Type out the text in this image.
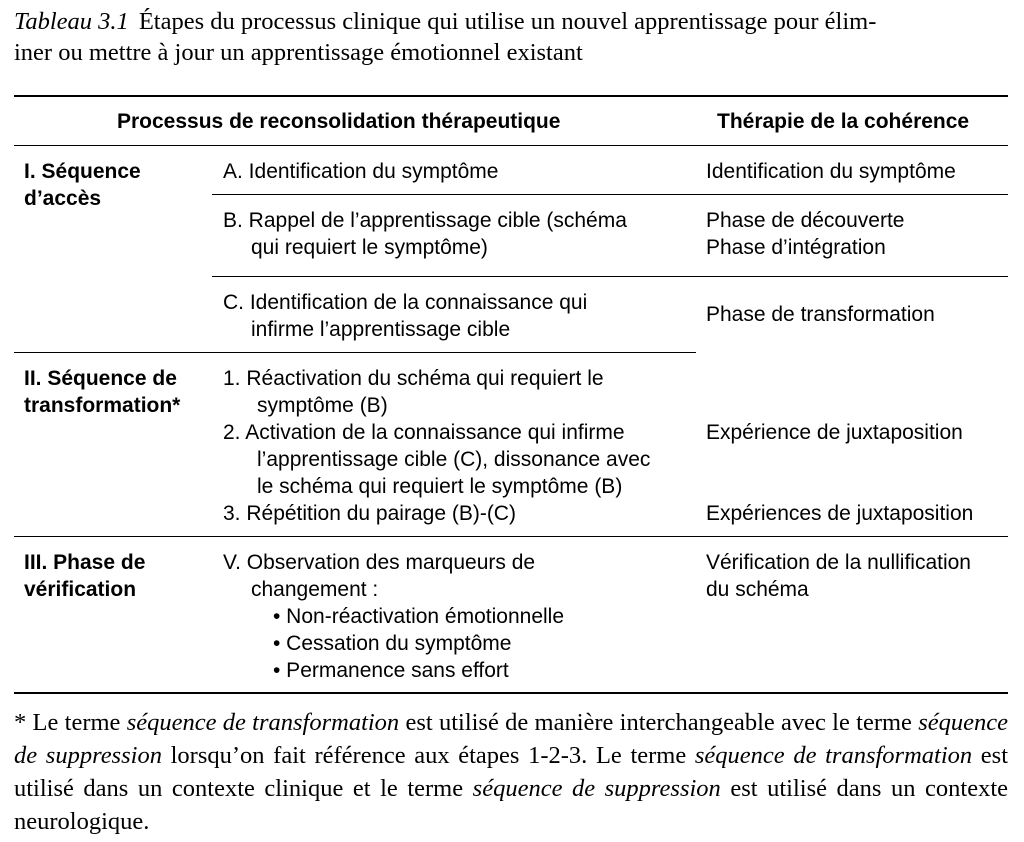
Tableau 3.1 Étapes du processus clinique qui utilise un nouvel apprentissage pour élim-
iner ou mettre à jour un apprentissage émotionnel existant
Processus de reconsolidation thérapeutique	Thérapie de la cohérence
I. Séquence
d’accès
II. Séquence de
transformation*
III. Phase de
vérification
A. Identification du symptôme
B. Rappel de l’apprentissage cible (schéma
qui requiert le symptôme)
C. Identification de la connaissance qui
infirme l’apprentissage cible
1. Réactivation du schéma qui requiert le
symptôme (B)
2. Activation de la connaissance qui infirme
l’apprentissage cible (C), dissonance avec
le schéma qui requiert le symptôme (B)
3. Répétition du pairage (B)-(C)
V. Observation des marqueurs de
changement :
• Non-réactivation émotionnelle
• Cessation du symptôme
• Permanence sans effort
Identification du symptôme
Phase de découverte
Phase d’intégration
Phase de transformation
Expérience de juxtaposition
Expériences de juxtaposition
Vérification de la nullification
du schéma
* Le terme séquence de transformation est utilisé de manière interchangeable avec le terme séquence de suppression lorsqu’on fait référence aux étapes 1-2-3. Le terme séquence de transformation est utilisé dans un contexte clinique et le terme séquence de suppression est utilisé dans un contexte neurologique.
